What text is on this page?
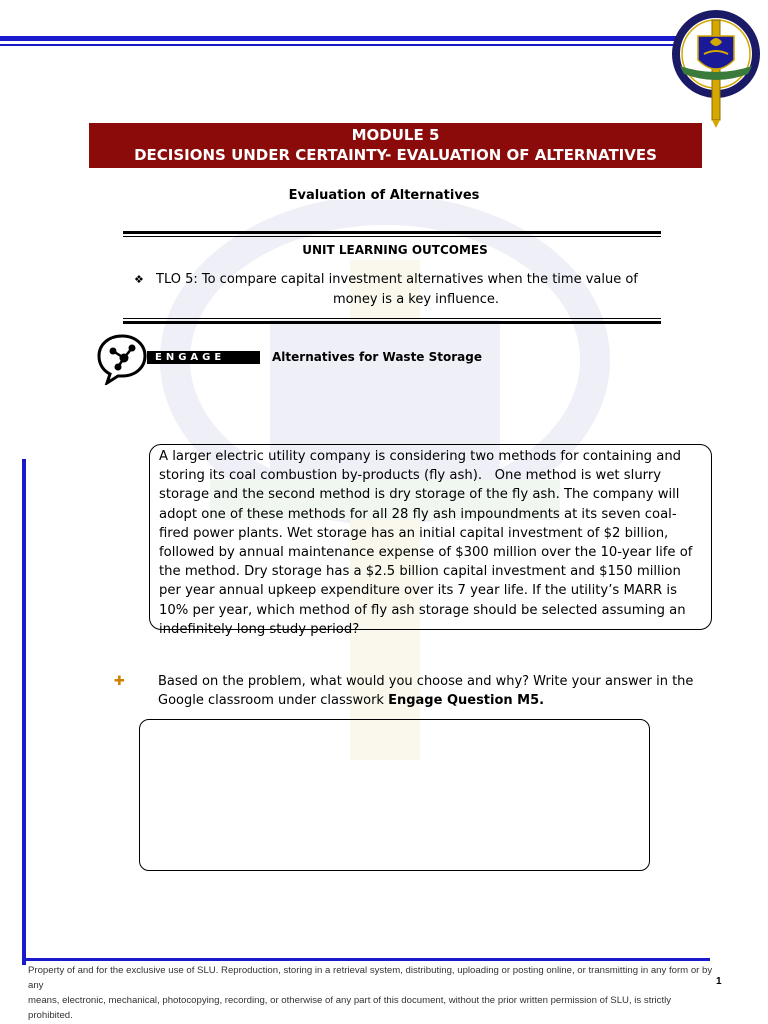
MODULE 5
DECISIONS UNDER CERTAINTY- EVALUATION OF ALTERNATIVES
Evaluation of Alternatives
UNIT LEARNING OUTCOMES
❖ TLO 5: To compare capital investment alternatives when the time value of
money is a key influence.
ENGAGE	Alternatives for Waste Storage
A larger electric utility company is considering two methods for containing and
storing its coal combustion by-products (fly ash).   One method is wet slurry
storage and the second method is dry storage of the fly ash. The company will
adopt one of these methods for all 28 fly ash impoundments at its seven coal-
fired power plants. Wet storage has an initial capital investment of $2 billion,
followed by annual maintenance expense of $300 million over the 10-year life of
the method. Dry storage has a $2.5 billion capital investment and $150 million
per year annual upkeep expenditure over its 7 year life. If the utility’s MARR is
10% per year, which method of fly ash storage should be selected assuming an
indefinitely long study period?
✚	Based on the problem, what would you choose and why? Write your answer in the Google classroom under classwork Engage Question M5.
Property of and for the exclusive use of SLU. Reproduction, storing in a retrieval system, distributing, uploading or posting online, or transmitting in any form or by any
means, electronic, mechanical, photocopying, recording, or otherwise of any part of this document, without the prior written permission of SLU, is strictly prohibited.
1
